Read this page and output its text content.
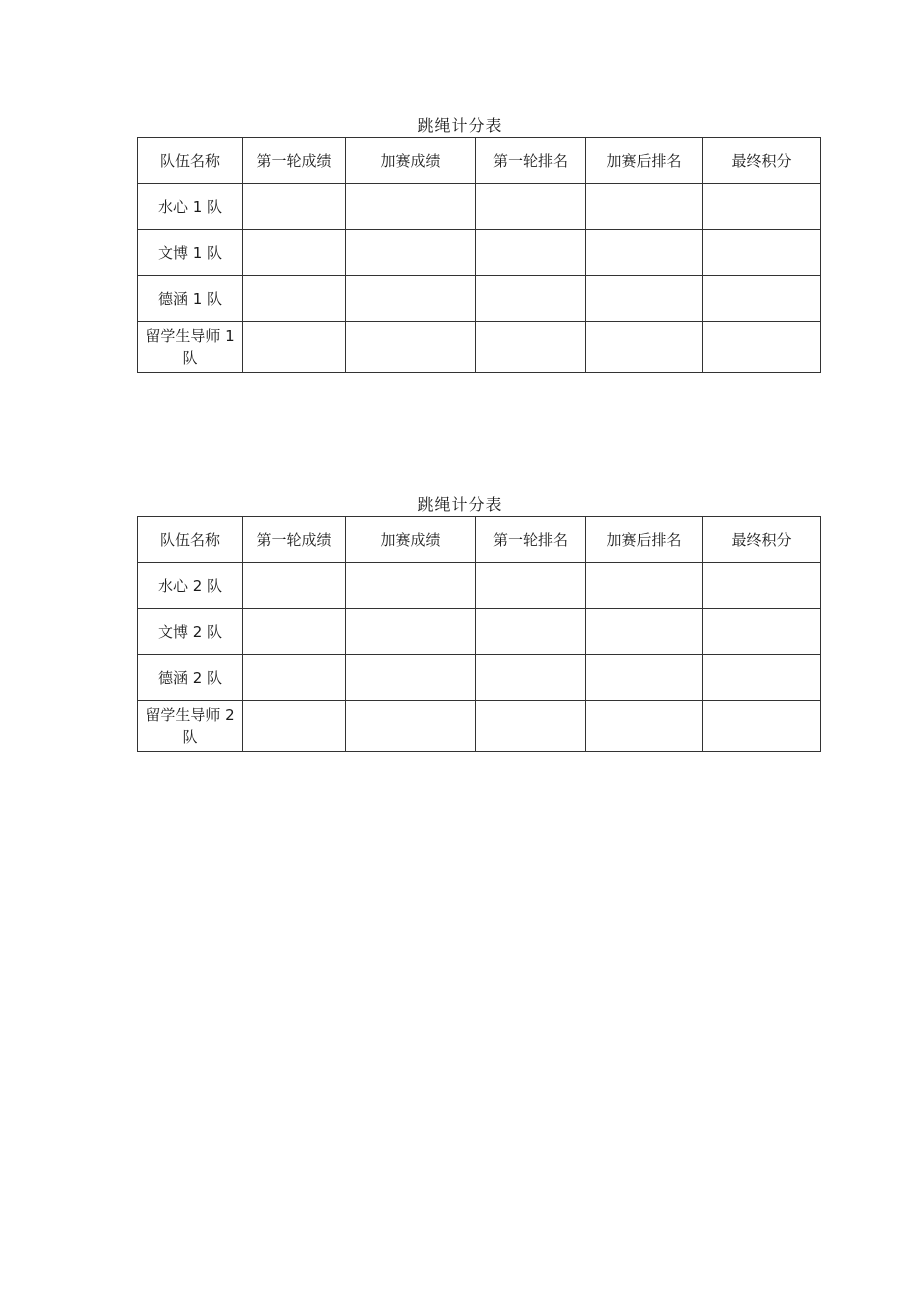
跳绳计分表
队伍名称	第一轮成绩	加赛成绩	第一轮排名	加赛后排名	最终积分
水心 1 队					
文博 1 队					
德涵 1 队					
留学生导师 1 队					
跳绳计分表
队伍名称	第一轮成绩	加赛成绩	第一轮排名	加赛后排名	最终积分
水心 2 队					
文博 2 队					
德涵 2 队					
留学生导师 2 队					
